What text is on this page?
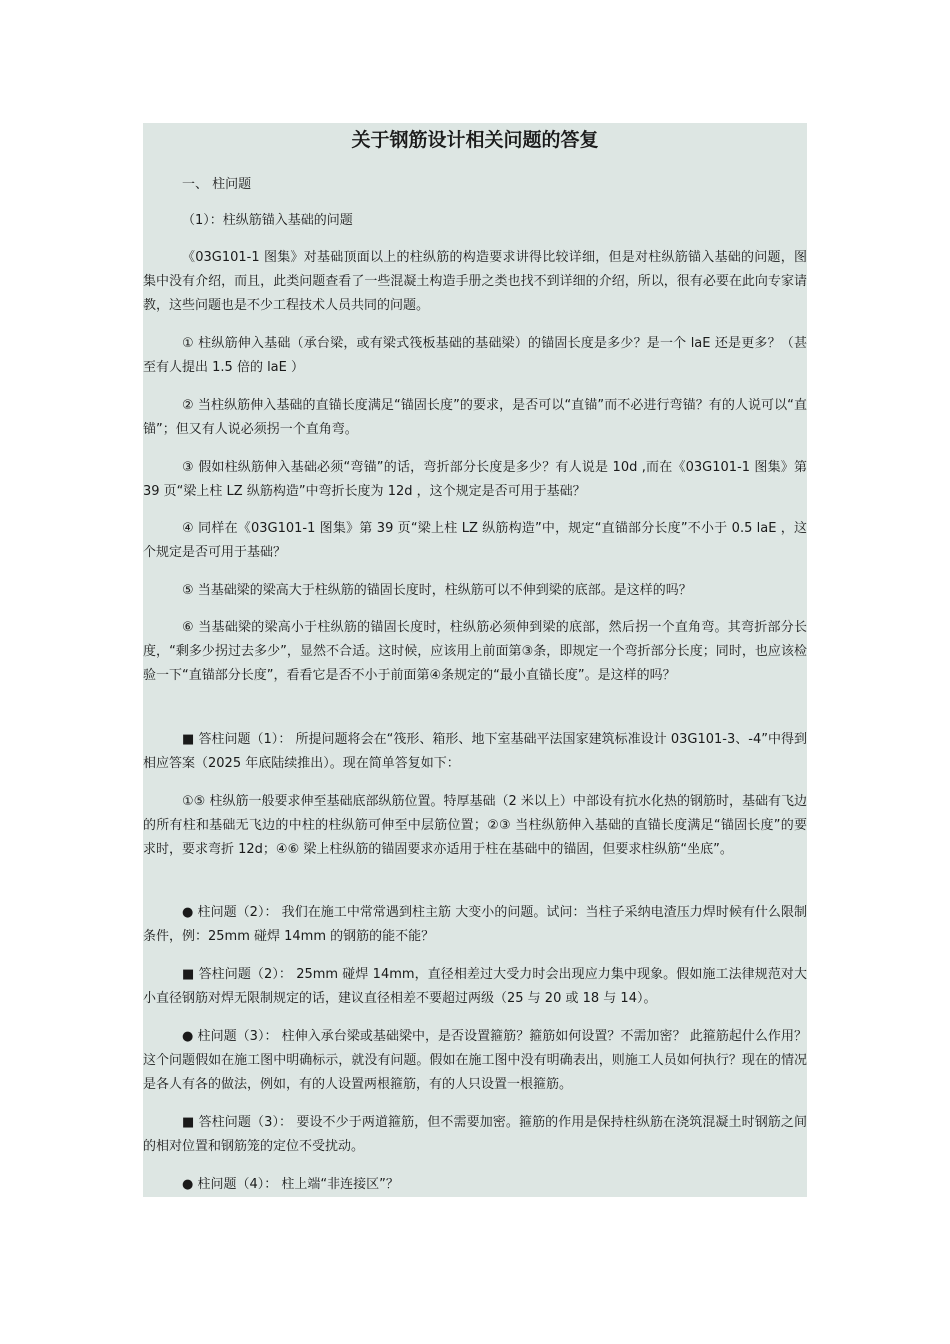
关于钢筋设计相关问题的答复

一、 柱问题

（1）：柱纵筋锚入基础的问题

《03G101-1 图集》对基础顶面以上的柱纵筋的构造要求讲得比较详细，但是对柱纵筋锚入基础的问题，图集中没有介绍，而且，此类问题查看了一些混凝土构造手册之类也找不到详细的介绍，所以，很有必要在此向专家请教，这些问题也是不少工程技术人员共同的问题。

① 柱纵筋伸入基础（承台梁，或有梁式筏板基础的基础梁）的锚固长度是多少？是一个 laE 还是更多？（甚至有人提出 1.5 倍的 laE ）

② 当柱纵筋伸入基础的直锚长度满足“锚固长度”的要求，是否可以“直锚”而不必进行弯锚？有的人说可以“直锚”；但又有人说必须拐一个直角弯。

③ 假如柱纵筋伸入基础必须“弯锚”的话，弯折部分长度是多少？有人说是 10d ,而在《03G101-1 图集》第 39 页“梁上柱 LZ 纵筋构造”中弯折长度为 12d ，这个规定是否可用于基础？

④ 同样在《03G101-1 图集》第 39 页“梁上柱 LZ 纵筋构造”中，规定“直锚部分长度”不小于 0.5 laE ，这个规定是否可用于基础？

⑤ 当基础梁的梁高大于柱纵筋的锚固长度时，柱纵筋可以不伸到梁的底部。是这样的吗？

⑥ 当基础梁的梁高小于柱纵筋的锚固长度时，柱纵筋必须伸到梁的底部，然后拐一个直角弯。其弯折部分长度，“剩多少拐过去多少”，显然不合适。这时候，应该用上前面第③条，即规定一个弯折部分长度；同时，也应该检验一下“直锚部分长度”，看看它是否不小于前面第④条规定的“最小直锚长度”。是这样的吗？

■ 答柱问题（1）： 所提问题将会在“筏形、箱形、地下室基础平法国家建筑标准设计 03G101-3、-4”中得到相应答案（2025 年底陆续推出）。现在简单答复如下：

①⑤ 柱纵筋一般要求伸至基础底部纵筋位置。特厚基础（2 米以上）中部设有抗水化热的钢筋时，基础有飞边的所有柱和基础无飞边的中柱的柱纵筋可伸至中层筋位置；②③ 当柱纵筋伸入基础的直锚长度满足“锚固长度”的要求时，要求弯折 12d；④⑥ 梁上柱纵筋的锚固要求亦适用于柱在基础中的锚固，但要求柱纵筋“坐底”。

● 柱问题（2）： 我们在施工中常常遇到柱主筋 大变小的问题。试问：当柱子采纳电渣压力焊时候有什么限制条件，例：25mm 碰焊 14mm 的钢筋的能不能？

■ 答柱问题（2）： 25mm 碰焊 14mm，直径相差过大受力时会出现应力集中现象。假如施工法律规范对大小直径钢筋对焊无限制规定的话，建议直径相差不要超过两级（25 与 20 或 18 与 14）。

● 柱问题（3）： 柱伸入承台梁或基础梁中，是否设置箍筋？箍筋如何设置？不需加密？ 此箍筋起什么作用？ 这个问题假如在施工图中明确标示，就没有问题。假如在施工图中没有明确表出，则施工人员如何执行？现在的情况是各人有各的做法，例如，有的人设置两根箍筋，有的人只设置一根箍筋。

■ 答柱问题（3）： 要设不少于两道箍筋，但不需要加密。箍筋的作用是保持柱纵筋在浇筑混凝土时钢筋之间的相对位置和钢筋笼的定位不受扰动。

● 柱问题（4）： 柱上端“非连接区”？
